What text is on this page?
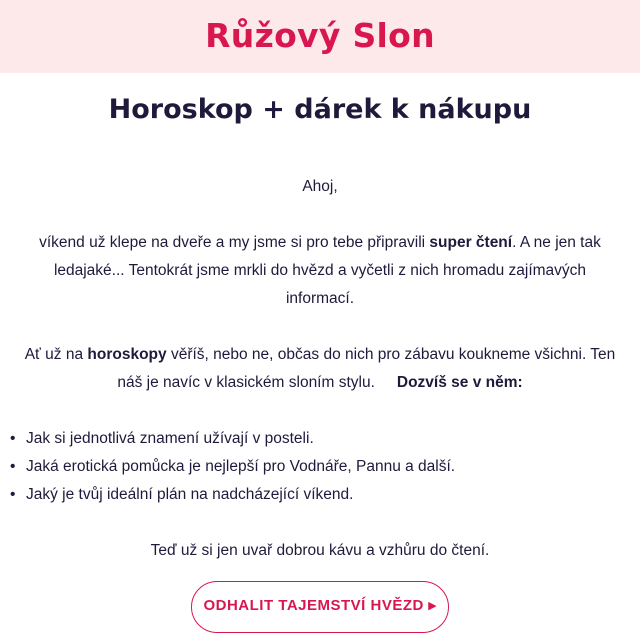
Růžový Slon
Horoskop + dárek k nákupu

Ahoj,

víkend už klepe na dveře a my jsme si pro tebe připravili super čtení. A ne jen tak ledajaké... Tentokrát jsme mrkli do hvězd a vyčetli z nich hromadu zajímavých informací.

Ať už na horoskopy věříš, nebo ne, občas do nich pro zábavu koukneme všichni. Ten náš je navíc v klasickém sloním stylu. Dozvíš se v něm:

• Jak si jednotlivá znamení užívají v posteli.
• Jaká erotická pomůcka je nejlepší pro Vodnáře, Pannu a další.
• Jaký je tvůj ideální plán na nadcházející víkend.

Teď už si jen uvař dobrou kávu a vzhůru do čtení.

ODHALIT TAJEMSTVÍ HVĚZD ▸
